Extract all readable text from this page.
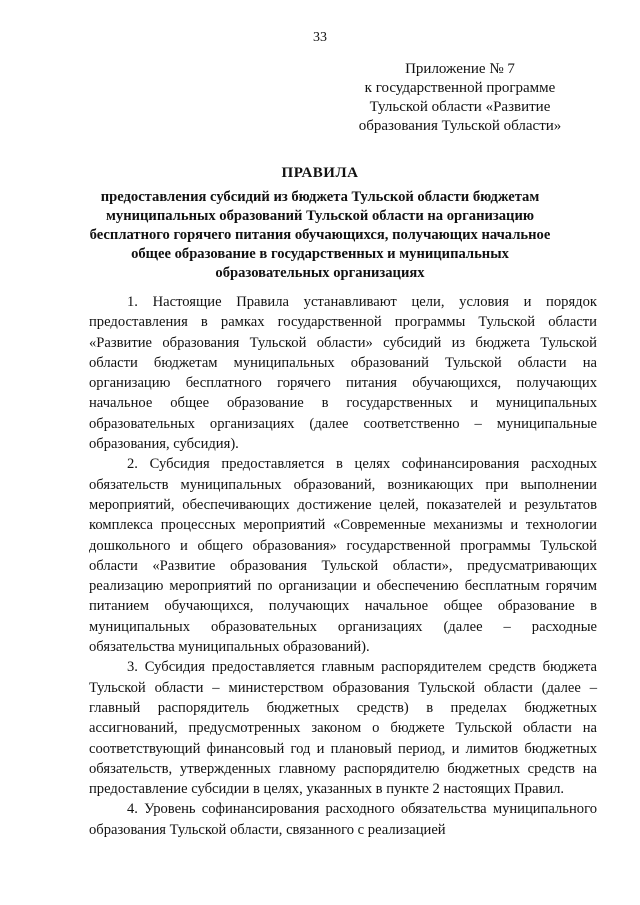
33
Приложение № 7
к государственной программе
Тульской области «Развитие
образования Тульской области»
ПРАВИЛА
предоставления субсидий из бюджета Тульской области бюджетам
муниципальных образований Тульской области на организацию
бесплатного горячего питания обучающихся, получающих начальное
общее образование в государственных и муниципальных
образовательных организациях

1. Настоящие Правила устанавливают цели, условия и порядок предоставления в рамках государственной программы Тульской области «Развитие образования Тульской области» субсидий из бюджета Тульской области бюджетам муниципальных образований Тульской области на организацию бесплатного горячего питания обучающихся, получающих начальное общее образование в государственных и муниципальных образовательных организациях (далее соответственно – муниципальные образования, субсидия).

2. Субсидия предоставляется в целях софинансирования расходных обязательств муниципальных образований, возникающих при выполнении мероприятий, обеспечивающих достижение целей, показателей и результатов комплекса процессных мероприятий «Современные механизмы и технологии дошкольного и общего образования» государственной программы Тульской области «Развитие образования Тульской области», предусматривающих реализацию мероприятий по организации и обеспечению бесплатным горячим питанием обучающихся, получающих начальное общее образование в муниципальных образовательных организациях (далее – расходные обязательства муниципальных образований).

3. Субсидия предоставляется главным распорядителем средств бюджета Тульской области – министерством образования Тульской области (далее – главный распорядитель бюджетных средств) в пределах бюджетных ассигнований, предусмотренных законом о бюджете Тульской области на соответствующий финансовый год и плановый период, и лимитов бюджетных обязательств, утвержденных главному распорядителю бюджетных средств на предоставление субсидии в целях, указанных в пункте 2 настоящих Правил.

4. Уровень софинансирования расходного обязательства муниципального образования Тульской области, связанного с реализацией
